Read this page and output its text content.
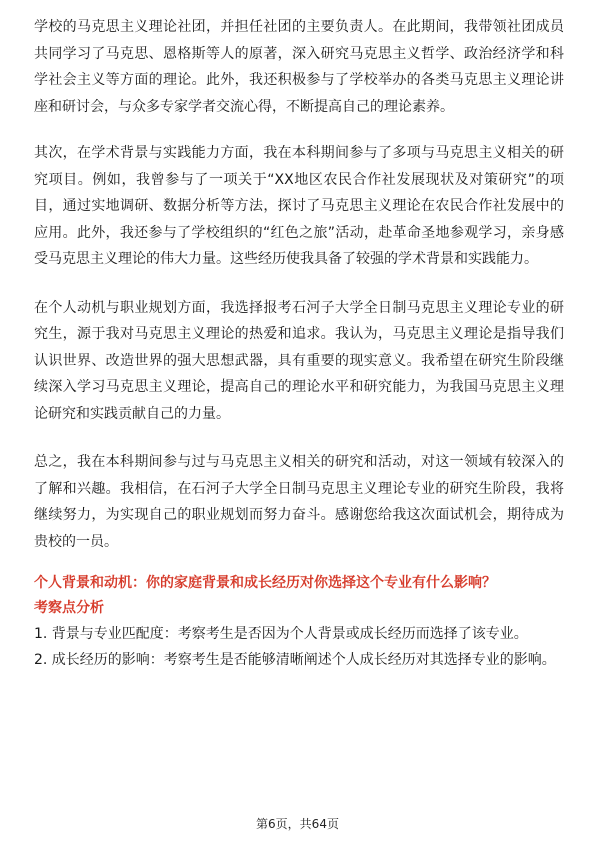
学校的马克思主义理论社团，并担任社团的主要负责人。在此期间，我带领社团成员共同学习了马克思、恩格斯等人的原著，深入研究马克思主义哲学、政治经济学和科学社会主义等方面的理论。此外，我还积极参与了学校举办的各类马克思主义理论讲座和研讨会，与众多专家学者交流心得，不断提高自己的理论素养。

其次，在学术背景与实践能力方面，我在本科期间参与了多项与马克思主义相关的研究项目。例如，我曾参与了一项关于“XX地区农民合作社发展现状及对策研究”的项目，通过实地调研、数据分析等方法，探讨了马克思主义理论在农民合作社发展中的应用。此外，我还参与了学校组织的“红色之旅”活动，赴革命圣地参观学习，亲身感受马克思主义理论的伟大力量。这些经历使我具备了较强的学术背景和实践能力。

在个人动机与职业规划方面，我选择报考石河子大学全日制马克思主义理论专业的研究生，源于我对马克思主义理论的热爱和追求。我认为，马克思主义理论是指导我们认识世界、改造世界的强大思想武器，具有重要的现实意义。我希望在研究生阶段继续深入学习马克思主义理论，提高自己的理论水平和研究能力，为我国马克思主义理论研究和实践贡献自己的力量。

总之，我在本科期间参与过与马克思主义相关的研究和活动，对这一领域有较深入的了解和兴趣。我相信，在石河子大学全日制马克思主义理论专业的研究生阶段，我将继续努力，为实现自己的职业规划而努力奋斗。感谢您给我这次面试机会，期待成为贵校的一员。

个人背景和动机：你的家庭背景和成长经历对你选择这个专业有什么影响？

考察点分析

1. 背景与专业匹配度：考察考生是否因为个人背景或成长经历而选择了该专业。

2. 成长经历的影响：考察考生是否能够清晰阐述个人成长经历对其选择专业的影响。

第6页，共64页
